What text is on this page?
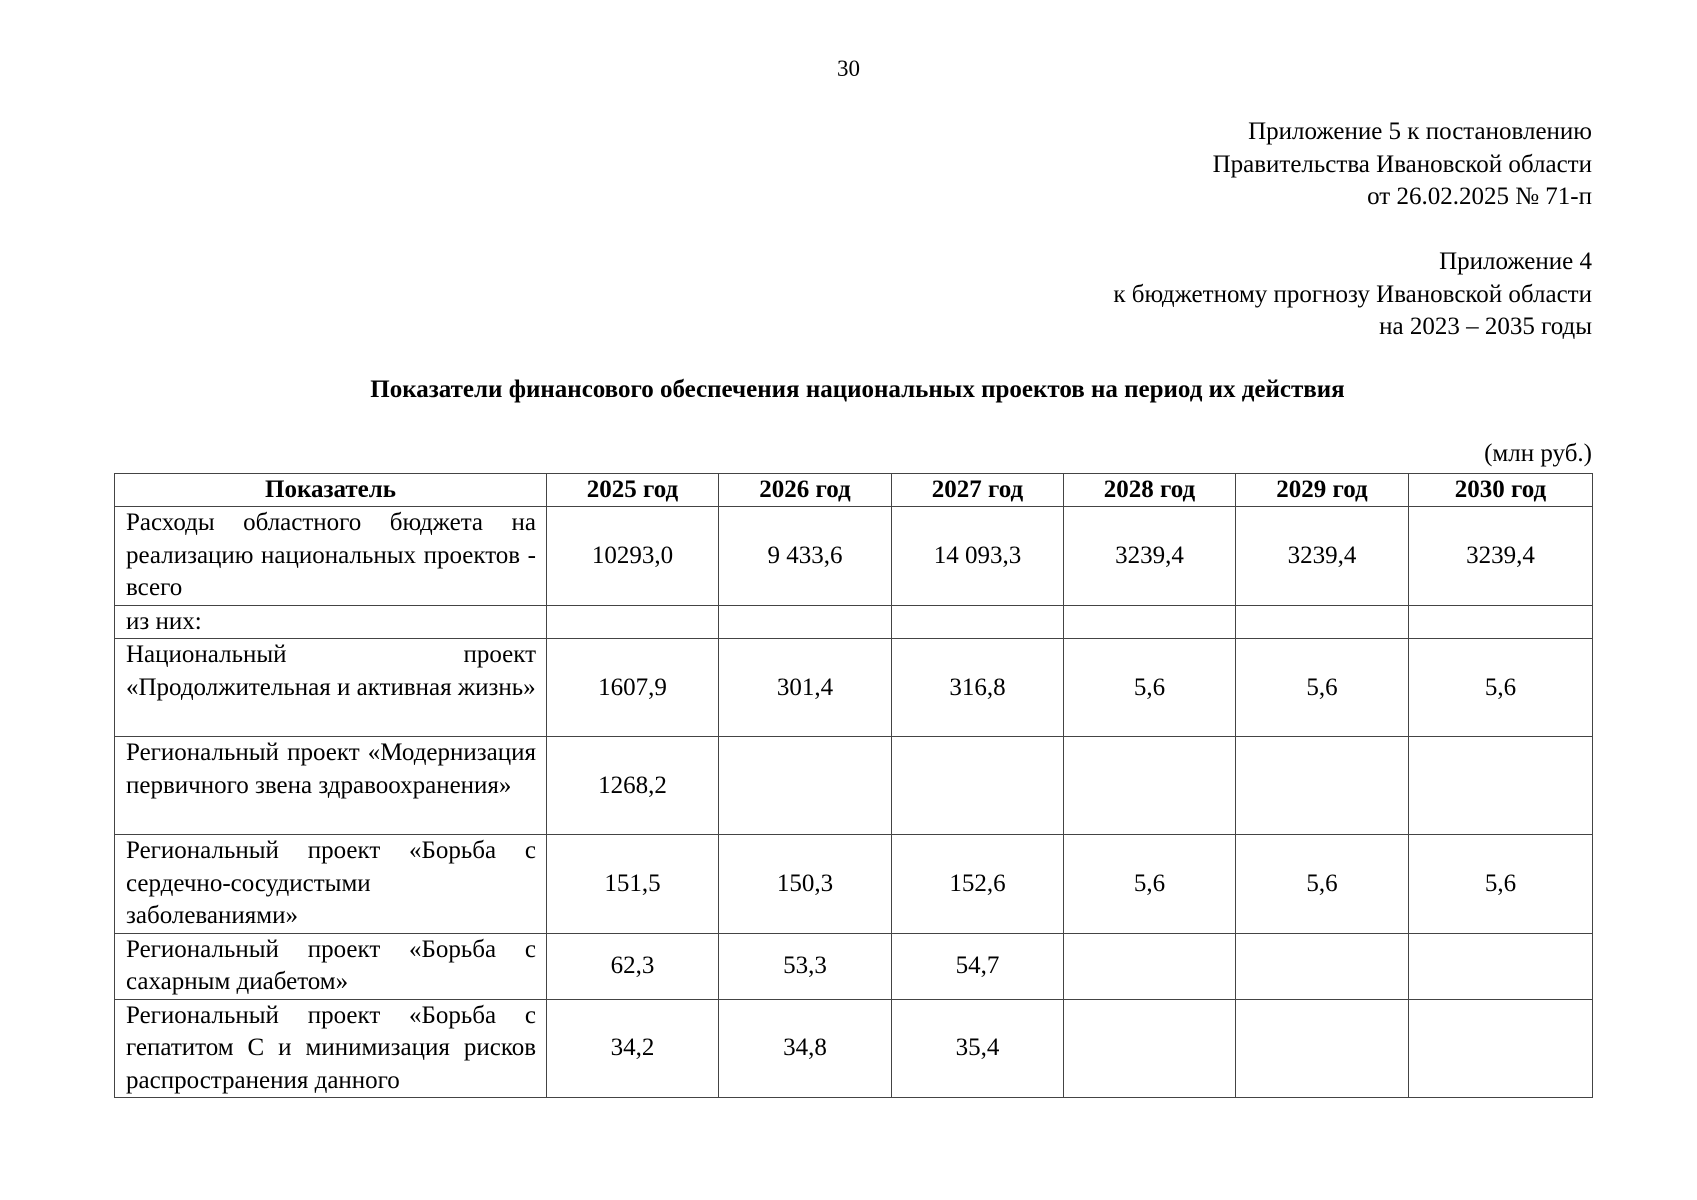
30
Приложение 5 к постановлению
Правительства Ивановской области
от 26.02.2025 № 71-п
Приложение 4
к бюджетному прогнозу Ивановской области
на 2023 – 2035 годы
Показатели финансового обеспечения национальных проектов на период их действия
(млн руб.)
Показатель	2025 год	2026 год	2027 год	2028 год	2029 год	2030 год
Расходы областного бюджета на реализацию национальных проектов - всего	10293,0	9 433,6	14 093,3	3239,4	3239,4	3239,4
из них:						
Национальный проект «Продолжительная и активная жизнь»	1607,9	301,4	316,8	5,6	5,6	5,6
Региональный проект «Модернизация первичного звена здравоохранения»	1268,2					
Региональный проект «Борьба с сердечно-сосудистыми заболеваниями»	151,5	150,3	152,6	5,6	5,6	5,6
Региональный проект «Борьба с сахарным диабетом»	62,3	53,3	54,7			
Региональный проект «Борьба с гепатитом С и минимизация рисков распространения данного	34,2	34,8	35,4			
